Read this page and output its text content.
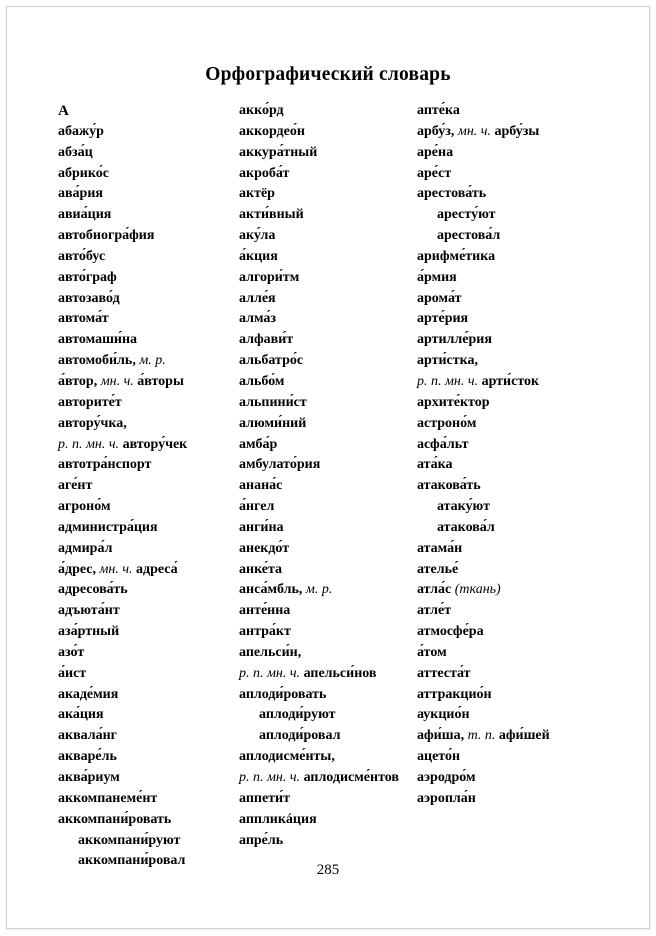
Орфографический словарь
А
абажу́р
абза́ц
абрико́с
ава́рия
авиа́ция
автобиогра́фия
авто́бус
авто́граф
автозаво́д
автома́т
автомаши́на
автомоби́ль, м. р.
а́втор, мн. ч. а́вторы
авторите́т
автору́чка,
р. п. мн. ч. автору́чек
автотра́нспорт
аге́нт
агроно́м
администра́ция
адмира́л
а́дрес, мн. ч. адреса́
адресова́ть
адъюта́нт
аза́ртный
азо́т
а́ист
акаде́мия
ака́ция
аквала́нг
акваре́ль
аква́риум
аккомпанеме́нт
аккомпани́ровать
аккомпани́руют
аккомпани́ровал
акко́рд
аккордео́н
аккура́тный
акроба́т
актёр
акти́вный
аку́ла
а́кция
алгори́тм
алле́я
алма́з
алфави́т
альбатро́с
альбо́м
альпини́ст
алюми́ний
амба́р
амбулато́рия
анана́с
а́нгел
анги́на
анекдо́т
анке́та
анса́мбль, м. р.
анте́нна
антра́кт
апельси́н,
р. п. мн. ч. апельси́нов
аплоди́ровать
аплоди́руют
аплоди́ровал
аплодисме́нты,
р. п. мн. ч. аплодисме́нтов
аппети́т
аппликáция
апре́ль
апте́ка
арбу́з, мн. ч. арбу́зы
аре́на
аре́ст
арестова́ть
аресту́ют
арестова́л
арифме́тика
а́рмия
арома́т
арте́рия
артилле́рия
арти́стка,
р. п. мн. ч. арти́сток
архите́ктор
астроно́м
асфа́льт
ата́ка
атакова́ть
атаку́ют
атакова́л
атама́н
ателье́
атла́с (ткань)
атле́т
атмосфе́ра
а́том
аттеста́т
аттракцио́н
аукцио́н
афи́ша, т. п. афи́шей
ацето́н
аэродро́м
аэропла́н
285
